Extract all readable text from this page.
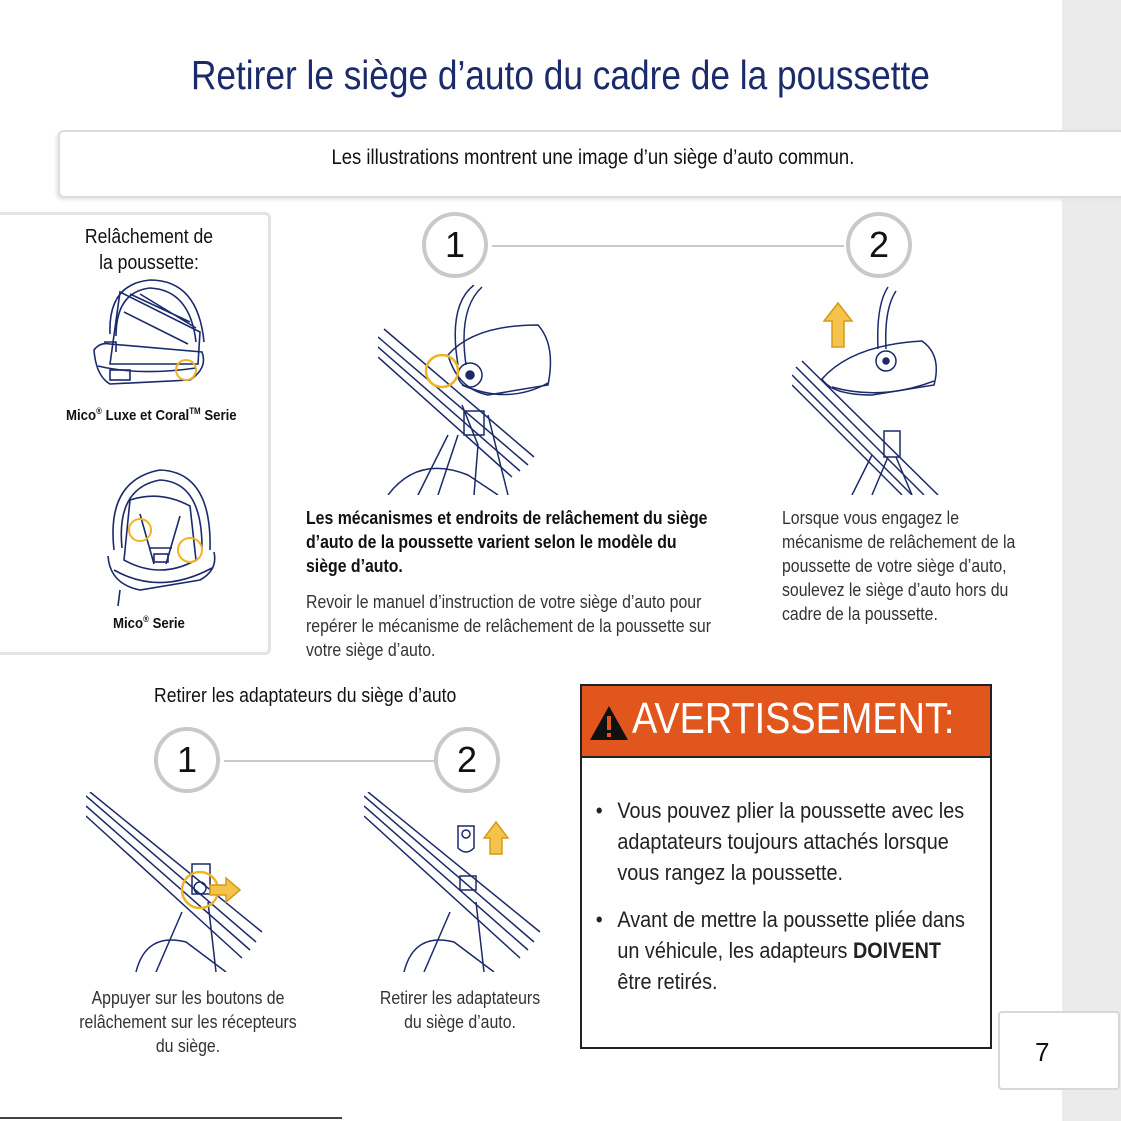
Retirer le siège d’auto du cadre de la poussette
Les illustrations montrent une image d’un siège d’auto commun.
Relâchement de
la poussette:
Mico® Luxe et Coral™ Serie
Mico® Serie
1	2
Les mécanismes et endroits de relâchement du siège d’auto de la poussette varient selon le modèle du siège d’auto.
Revoir le manuel d’instruction de votre siège d’auto pour repérer le mécanisme de relâchement de la poussette sur votre siège d’auto.
Lorsque vous engagez le mécanisme de relâchement de la poussette de votre siège d’auto, soulevez le siège d’auto hors du cadre de la poussette.
Retirer les adaptateurs du siège d’auto
1	2
Appuyer sur les boutons de relâchement sur les récepteurs du siège.
Retirer les adaptateurs du siège d’auto.
AVERTISSEMENT:
• Vous pouvez plier la poussette avec les adaptateurs toujours attachés lorsque vous rangez la poussette.
• Avant de mettre la poussette pliée dans un véhicule, les adapteurs DOIVENT être retirés.
7
